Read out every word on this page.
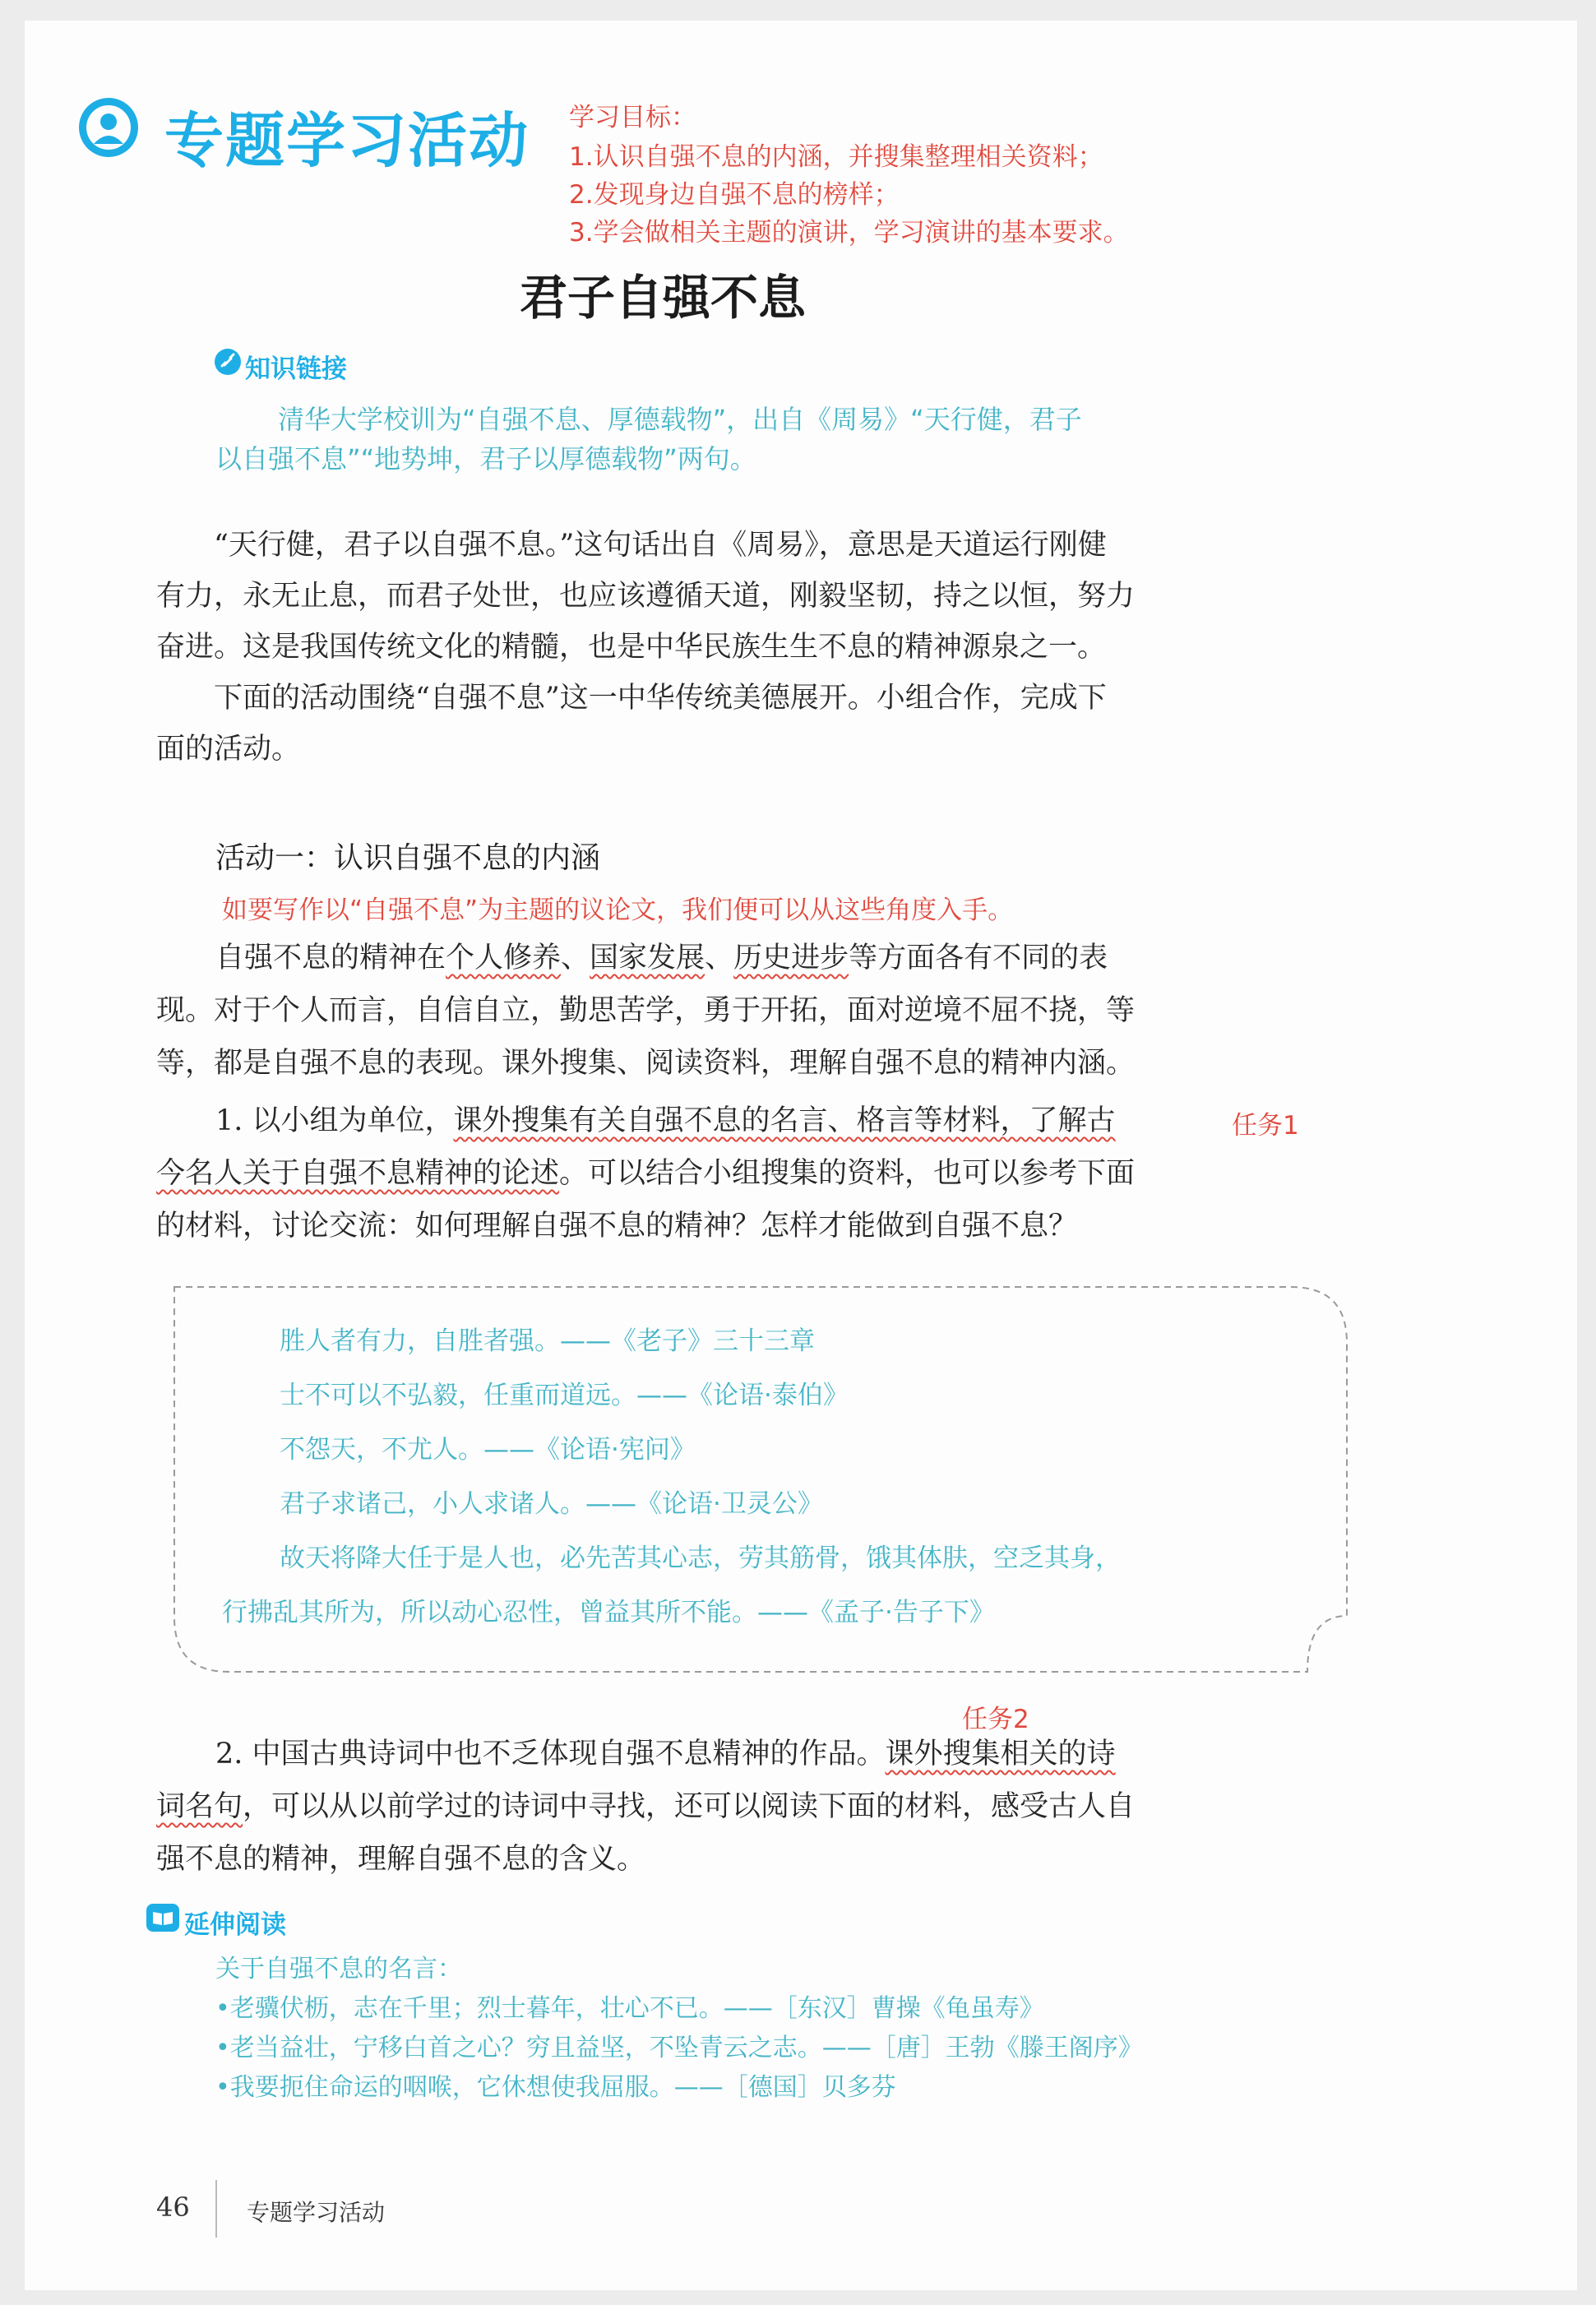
专题学习活动 学习目标：
1.认识自强不息的内涵，并搜集整理相关资料；
2.发现身边自强不息的榜样；
3.学会做相关主题的演讲，学习演讲的基本要求。
君子自强不息
知识链接
清华大学校训为“自强不息、厚德载物”，出自《周易》“天行健，君子
以自强不息”“地势坤，君子以厚德载物”两句。
“天行健，君子以自强不息。”这句话出自《周易》，意思是天道运行刚健
有力，永无止息，而君子处世，也应该遵循天道，刚毅坚韧，持之以恒，努力
奋进。这是我国传统文化的精髓，也是中华民族生生不息的精神源泉之一。
下面的活动围绕“自强不息”这一中华传统美德展开。小组合作，完成下
面的活动。
活动一：认识自强不息的内涵
如要写作以“自强不息”为主题的议论文，我们便可以从这些角度入手。
自强不息的精神在个人修养、国家发展、历史进步等方面各有不同的表
现。对于个人而言，自信自立，勤思苦学，勇于开拓，面对逆境不屈不挠，等
等，都是自强不息的表现。课外搜集、阅读资料，理解自强不息的精神内涵。
1. 以小组为单位，课外搜集有关自强不息的名言、格言等材料，了解古	任务1
今名人关于自强不息精神的论述。可以结合小组搜集的资料，也可以参考下面
的材料，讨论交流：如何理解自强不息的精神？怎样才能做到自强不息？
胜人者有力，自胜者强。——《老子》三十三章
士不可以不弘毅，任重而道远。——《论语·泰伯》
不怨天，不尤人。——《论语·宪问》
君子求诸己，小人求诸人。——《论语·卫灵公》
故天将降大任于是人也，必先苦其心志，劳其筋骨，饿其体肤，空乏其身，
行拂乱其所为，所以动心忍性，曾益其所不能。——《孟子·告子下》
任务2
2. 中国古典诗词中也不乏体现自强不息精神的作品。课外搜集相关的诗
词名句，可以从以前学过的诗词中寻找，还可以阅读下面的材料，感受古人自
强不息的精神，理解自强不息的含义。
延伸阅读
关于自强不息的名言：
•老骥伏枥，志在千里；烈士暮年，壮心不已。——［东汉］曹操《龟虽寿》
•老当益壮，宁移白首之心？穷且益坚，不坠青云之志。——［唐］王勃《滕王阁序》
•我要扼住命运的咽喉，它休想使我屈服。——［德国］贝多芬
46 专题学习活动
